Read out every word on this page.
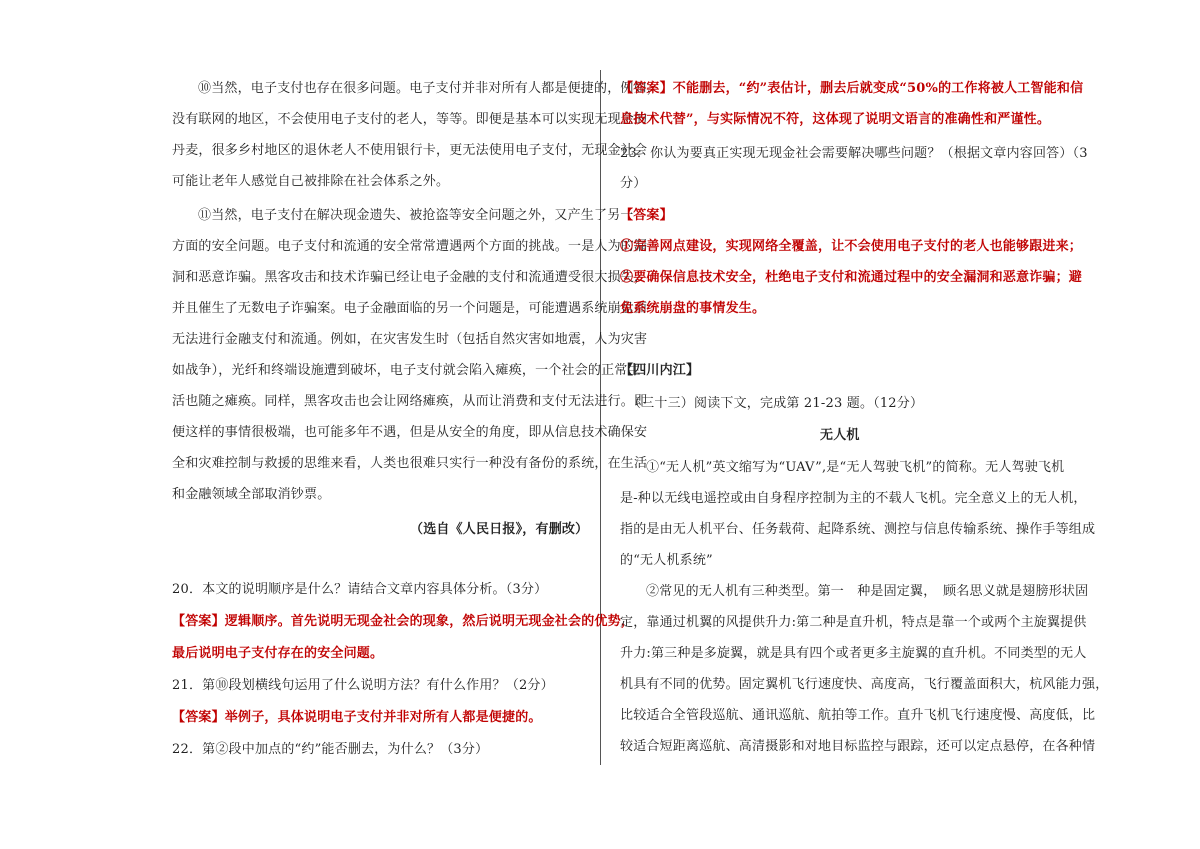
⑩当然，电子支付也存在很多问题。电子支付并非对所有人都是便捷的，例如，
没有联网的地区，不会使用电子支付的老人，等等。即便是基本可以实现无现金的
丹麦，很多乡村地区的退休老人不使用银行卡，更无法使用电子支付，无现金社会
可能让老年人感觉自己被排除在社会体系之外。
⑪当然，电子支付在解决现金遗失、被抢盗等安全问题之外，又产生了另一
方面的安全问题。电子支付和流通的安全常常遭遇两个方面的挑战。一是人为的漏
洞和恶意诈骗。黑客攻击和技术诈骗已经让电子金融的支付和流通遭受很大损失，
并且催生了无数电子诈骗案。电子金融面临的另一个问题是，可能遭遇系统崩盘而
无法进行金融支付和流通。例如，在灾害发生时（包括自然灾害如地震，人为灾害
如战争），光纤和终端设施遭到破坏，电子支付就会陷入瘫痪，一个社会的正常生
活也随之瘫痪。同样，黑客攻击也会让网络瘫痪，从而让消费和支付无法进行。即
便这样的事情很极端，也可能多年不遇，但是从安全的角度，即从信息技术确保安
全和灾难控制与救援的思维来看，人类也很难只实行一种没有备份的系统，在生活
和金融领域全部取消钞票。
（选自《人民日报》，有删改）
20．本文的说明顺序是什么？请结合文章内容具体分析。（3分）
【答案】逻辑顺序。首先说明无现金社会的现象，然后说明无现金社会的优势，
最后说明电子支付存在的安全问题。
21．第⑩段划横线句运用了什么说明方法？有什么作用？（2分）
【答案】举例子，具体说明电子支付并非对所有人都是便捷的。
22．第②段中加点的“约”能否删去，为什么？（3分）
【答案】不能删去，“约”表估计，删去后就变成“50%的工作将被人工智能和信
息技术代替”，与实际情况不符，这体现了说明文语言的准确性和严谨性。
23．你认为要真正实现无现金社会需要解决哪些问题？（根据文章内容回答）（3
分）
【答案】
①完善网点建设，实现网络全覆盖，让不会使用电子支付的老人也能够跟进来；
②要确保信息技术安全，杜绝电子支付和流通过程中的安全漏洞和恶意诈骗；避
免系统崩盘的事情发生。
【四川内江】
（三十三）阅读下文，完成第 21-23 题。（12分）
无人机
①“无人机”英文缩写为“UAV”,是“无人驾驶飞机”的简称。无人驾驶飞机
是-种以无线电遥控或由自身程序控制为主的不载人飞机。完全意义上的无人机，
指的是由无人机平台、任务载荷、起降系统、测控与信息传输系统、操作手等组成
的“无人机系统”
②常见的无人机有三种类型。第一　种是固定翼，　顾名思义就是翅膀形状固
定，靠通过机翼的风提供升力:第二种是直升机，特点是靠一个或两个主旋翼提供
升力:第三种是多旋翼，就是具有四个或者更多主旋翼的直升机。不同类型的无人
机具有不同的优势。固定翼机飞行速度快、高度高，飞行覆盖面积大，杭风能力强，
比较适合全管段巡航、通讯巡航、航拍等工作。直升飞机飞行速度慢、高度低，比
较适合短距离巡航、高清摄影和对地目标监控与跟踪，还可以定点悬停，在各种情
